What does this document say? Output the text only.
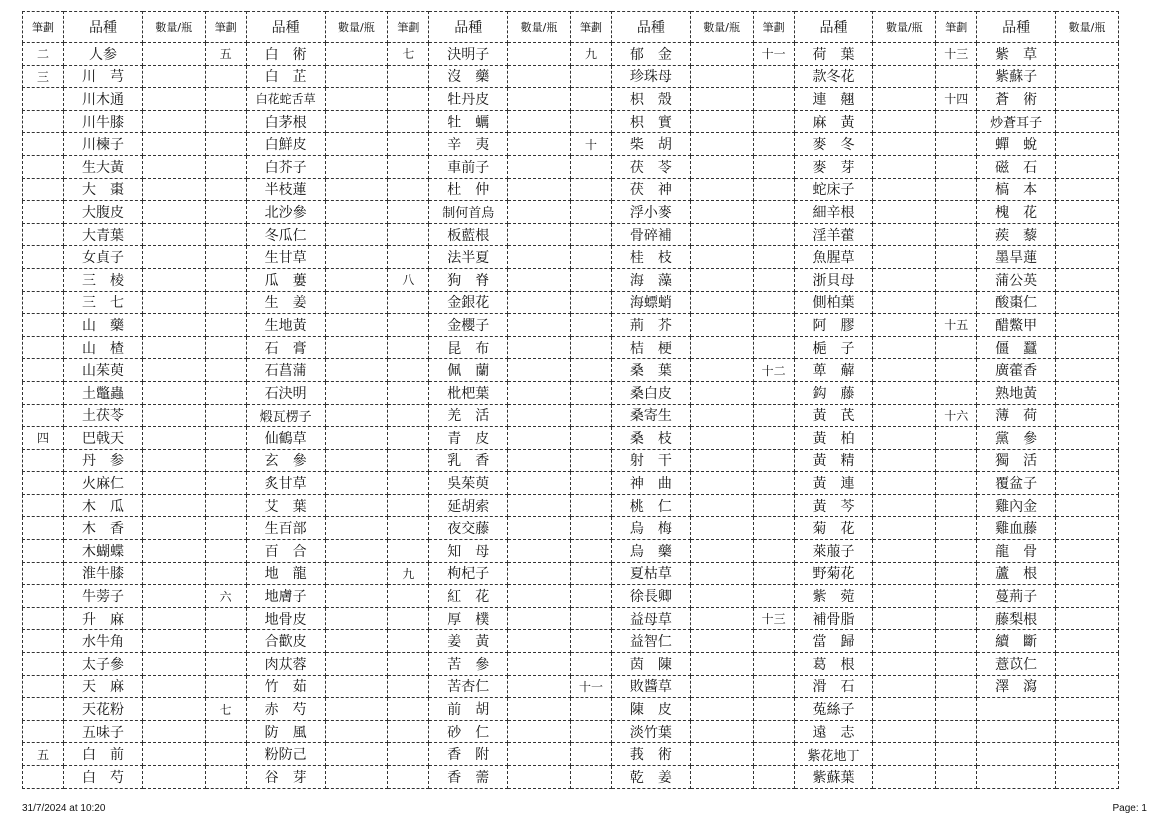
筆劃	品種	數量/瓶	筆劃	品種	數量/瓶	筆劃	品種	數量/瓶	筆劃	品種	數量/瓶	筆劃	品種	數量/瓶	筆劃	品種	數量/瓶
二	人参		五	白　術		七	決明子		九	郁　金		十一	荷　葉		十三	紫　草	
三	川　芎			白　芷			沒　藥			珍珠母			款冬花			紫蘇子	
	川木通			白花蛇舌草			牡丹皮			枳　殼			連　翹		十四	蒼　術	
	川牛膝			白茅根			牡　蠣			枳　實			麻　黃			炒蒼耳子	
	川楝子			白鮮皮			辛　夷		十	柴　胡			麥　冬			蟬　蛻	
	生大黃			白芥子			車前子			茯　苓			麥　芽			磁　石	
	大　棗			半枝蓮			杜　仲			茯　神			蛇床子			槁　本	
	大腹皮			北沙參			制何首烏			浮小麥			細辛根			槐　花	
	大青葉			冬瓜仁			板藍根			骨碎補			淫羊藿			蒺　藜	
	女貞子			生甘草			法半夏			桂　枝			魚腥草			墨旱蓮	
	三　棱			瓜　蔞		八	狗　脊			海　藻			浙貝母			蒲公英	
	三　七			生　姜			金銀花			海螵蛸			側柏葉			酸棗仁	
	山　藥			生地黃			金櫻子			荊　芥			阿　膠		十五	醋鱉甲	
	山　楂			石　膏			昆　布			桔　梗			梔　子			僵　蠶	
	山茱萸			石菖蒲			佩　蘭			桑　葉		十二	萆　薢			廣藿香	
	土鼈蟲			石決明			枇杷葉			桑白皮			鈎　藤			熟地黃	
	土茯苓			煅瓦楞子			羌　活			桑寄生			黃　芪		十六	薄　荷	
四	巴戟天			仙鶴草			青　皮			桑　枝			黃　柏			黨　參	
	丹　参			玄　參			乳　香			射　干			黃　精			獨　活	
	火麻仁			炙甘草			吳茱萸			神　曲			黃　連			覆盆子	
	木　瓜			艾　葉			延胡索			桃　仁			黃　芩			雞內金	
	木　香			生百部			夜交藤			烏　梅			菊　花			雞血藤	
	木蝴蝶			百　合			知　母			烏　藥			萊菔子			龍　骨	
	淮牛膝			地　龍		九	枸杞子			夏枯草			野菊花			蘆　根	
	牛蒡子		六	地膚子			紅　花			徐長卿			紫　菀			蔓荊子	
	升　麻			地骨皮			厚　樸			益母草		十三	補骨脂			藤梨根	
	水牛角			合歡皮			姜　黃			益智仁			當　歸			續　斷	
	太子參			肉苁蓉			苦　參			茵　陳			葛　根			薏苡仁	
	天　麻			竹　茹			苦杏仁		十一	敗醬草			滑　石			澤　瀉	
	天花粉		七	赤　芍			前　胡			陳　皮			菟絲子				
	五味子			防　風			砂　仁			淡竹葉			遠　志				
五	白　前			粉防己			香　附			莪　術			紫花地丁				
	白　芍			谷　芽			香　薷			乾　姜			紫蘇葉				
31/7/2024 at 10:20	Page: 1
